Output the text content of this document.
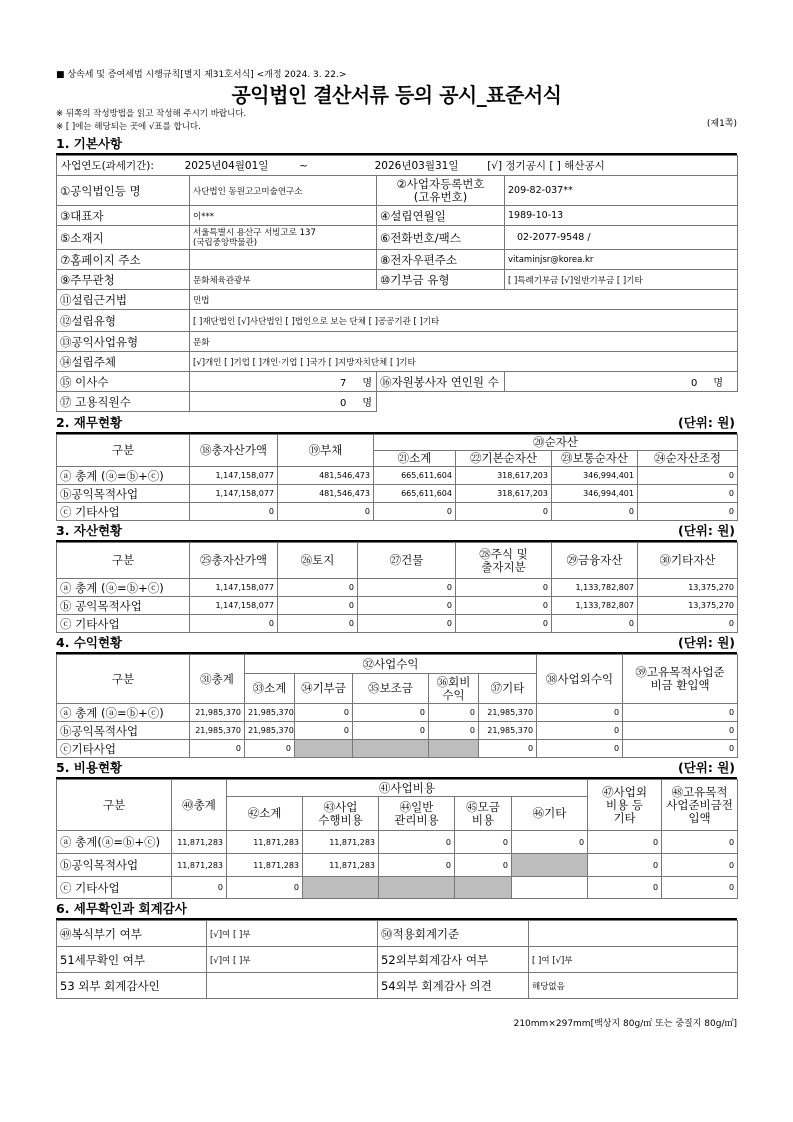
■ 상속세 및 증여세법 시행규칙[별지 제31호서식] <개정 2024. 3. 22.>
공익법인 결산서류 등의 공시_표준서식
※ 뒤쪽의 작성방법을 읽고 작성해 주시기 바랍니다.
※ [ ]에는 해당되는 곳에 √표를 합니다.	(제1쪽)
1. 기본사항
사업연도(과세기간): 2025년04월01일 ~ 2026년03월31일 [√] 정기공시 [ ] 해산공시			
①공익법인등 명	사단법인 동원고고미술연구소	②사업자등록번호
(고유번호)	209-82-037**
③대표자	이***	④설립연월일	1989-10-13
⑤소재지	서울특별시 용산구 서빙고로 137
(국립중앙박물관)	⑥전화번호/팩스	02-2077-9548 /
⑦홈페이지 주소		⑧전자우편주소	vitaminjsr@korea.kr
⑨주무관청	문화체육관광부	⑩기부금 유형	[ ]특례기부금 [√]일반기부금 [ ]기타
⑪설립근거법	민법		
⑫설립유형	[ ]재단법인 [√]사단법인 [ ]법인으로 보는 단체 [ ]공공기관 [ ]기타		
⑬공익사업유형	문화		
⑭설립주체	[√]개인 [ ]기업 [ ]개인·기업 [ ]국가 [ ]지방자치단체 [ ]기타		
⑮ 이사수	7 명	⑯자원봉사자 연인원 수	0 명
⑰ 고용직원수	0 명		
2. 재무현황	(단위: 원)
구분	⑱총자산가액	⑲부채	⑳순자산			
			㉑소계	㉒기본순자산	㉓보통순자산	㉔순자산조정
ⓐ 총계 (ⓐ=ⓑ+ⓒ)	1,147,158,077	481,546,473	665,611,604	318,617,203	346,994,401	0
ⓑ공익목적사업	1,147,158,077	481,546,473	665,611,604	318,617,203	346,994,401	0
ⓒ 기타사업	0	0	0	0	0	0
3. 자산현황	(단위: 원)
구분	㉕총자산가액	㉖토지	㉗건물	㉘주식 및
출자지분	㉙금융자산	㉚기타자산
ⓐ 총계 (ⓐ=ⓑ+ⓒ)	1,147,158,077	0	0	0	1,133,782,807	13,375,270
ⓑ 공익목적사업	1,147,158,077	0	0	0	1,133,782,807	13,375,270
ⓒ 기타사업	0	0	0	0	0	0
4. 수익현황	(단위: 원)
구분	㉛총계	㉜사업수익					㊳사업외수익	㊴고유목적사업준
비금 환입액
		㉝소계	㉞기부금	㉟보조금	㊱회비
수익	㊲기타		
ⓐ 총계 (ⓐ=ⓑ+ⓒ)	21,985,370	21,985,370	0	0	0	21,985,370	0	0
ⓑ공익목적사업	21,985,370	21,985,370	0	0	0	21,985,370	0	0
ⓒ기타사업	0	0				0	0	0
5. 비용현황	(단위: 원)
구분	㊵총계	㊶사업비용					㊼사업외
비용 등
기타	㊽고유목적
사업준비금전
입액
		㊷소계	㊸사업
수행비용	㊹일반
관리비용	㊺모금
비용	㊻기타		
ⓐ 총계(ⓐ=ⓑ+ⓒ)	11,871,283	11,871,283	11,871,283	0	0	0	0	0
ⓑ공익목적사업	11,871,283	11,871,283	11,871,283	0	0		0	0
ⓒ 기타사업	0	0					0	0
6. 세무확인과 회계감사
㊾복식부기 여부	[√]여 [ ]부	㊿적용회계기준	
51세무확인 여부	[√]여 [ ]부	52외부회계감사 여부	[ ]여 [√]부
53 외부 회계감사인		54외부 회계감사 의견	해당없음
210mm×297mm[백상지 80g/㎡ 또는 중질지 80g/㎡]
